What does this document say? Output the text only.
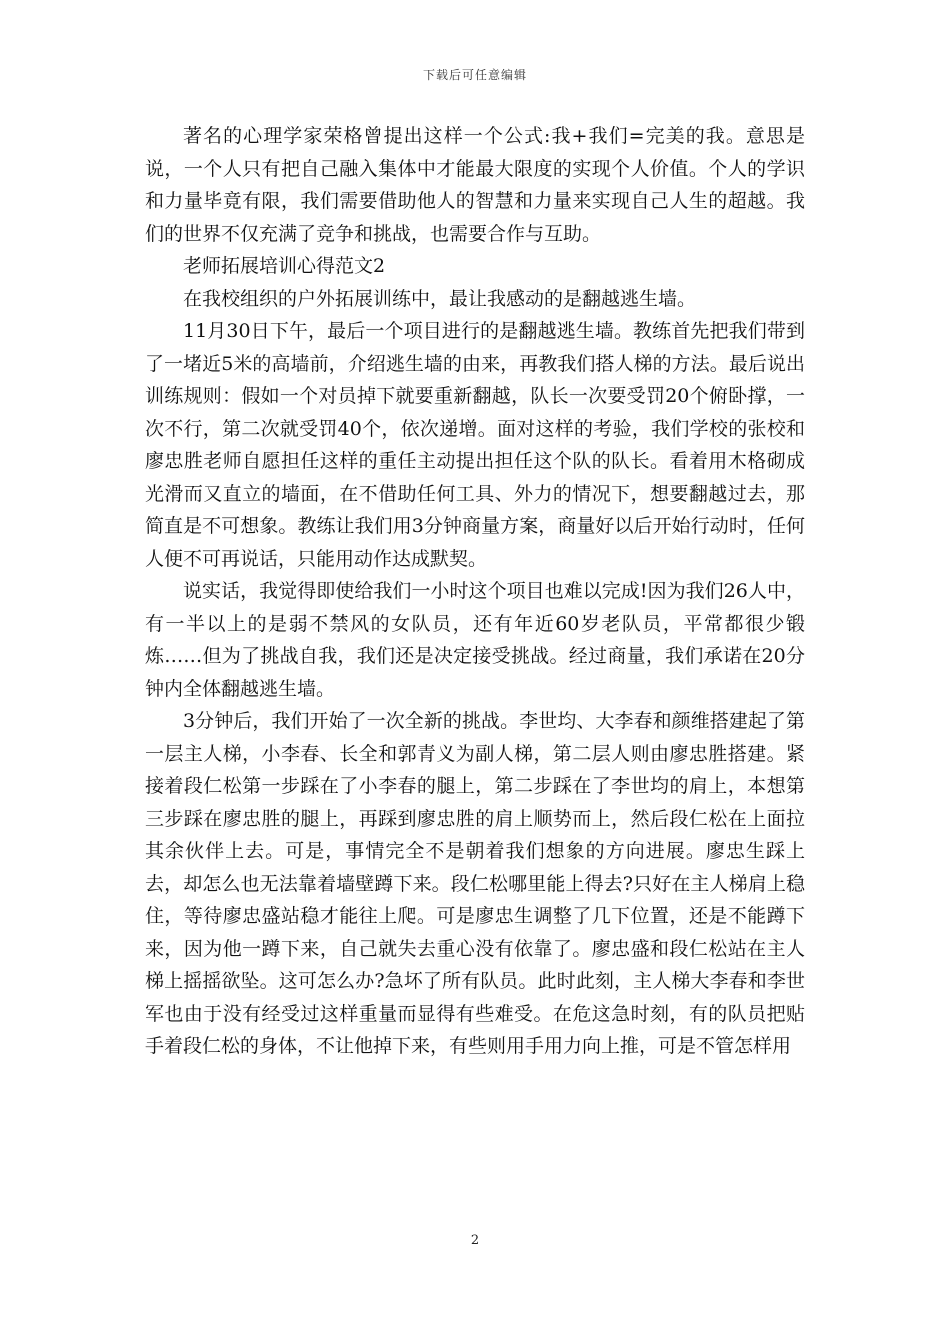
下载后可任意编辑

著名的心理学家荣格曾提出这样一个公式:我+我们=完美的我。意思是说，一个人只有把自己融入集体中才能最大限度的实现个人价值。个人的学识和力量毕竟有限，我们需要借助他人的智慧和力量来实现自己人生的超越。我们的世界不仅充满了竞争和挑战，也需要合作与互助。

老师拓展培训心得范文2

在我校组织的户外拓展训练中，最让我感动的是翻越逃生墙。

11月30日下午，最后一个项目进行的是翻越逃生墙。教练首先把我们带到了一堵近5米的高墙前，介绍逃生墙的由来，再教我们搭人梯的方法。最后说出训练规则：假如一个对员掉下就要重新翻越，队长一次要受罚20个俯卧撑，一次不行，第二次就受罚40个，依次递增。面对这样的考验，我们学校的张校和廖忠胜老师自愿担任这样的重任主动提出担任这个队的队长。看着用木格砌成光滑而又直立的墙面，在不借助任何工具、外力的情况下，想要翻越过去，那简直是不可想象。教练让我们用3分钟商量方案，商量好以后开始行动时，任何人便不可再说话，只能用动作达成默契。

说实话，我觉得即使给我们一小时这个项目也难以完成!因为我们26人中，有一半以上的是弱不禁风的女队员，还有年近60岁老队员，平常都很少锻炼……但为了挑战自我，我们还是决定接受挑战。经过商量，我们承诺在20分钟内全体翻越逃生墙。

3分钟后，我们开始了一次全新的挑战。李世均、大李春和颜维搭建起了第一层主人梯，小李春、长全和郭青义为副人梯，第二层人则由廖忠胜搭建。紧接着段仁松第一步踩在了小李春的腿上，第二步踩在了李世均的肩上，本想第三步踩在廖忠胜的腿上，再踩到廖忠胜的肩上顺势而上，然后段仁松在上面拉其余伙伴上去。可是，事情完全不是朝着我们想象的方向进展。廖忠生踩上去，却怎么也无法靠着墙壁蹲下来。段仁松哪里能上得去?只好在主人梯肩上稳住，等待廖忠盛站稳才能往上爬。可是廖忠生调整了几下位置，还是不能蹲下来，因为他一蹲下来，自己就失去重心没有依靠了。廖忠盛和段仁松站在主人梯上摇摇欲坠。这可怎么办?急坏了所有队员。此时此刻，主人梯大李春和李世军也由于没有经受过这样重量而显得有些难受。在危这急时刻，有的队员把贴手着段仁松的身体，不让他掉下来，有些则用手用力向上推，可是不管怎样用

2
